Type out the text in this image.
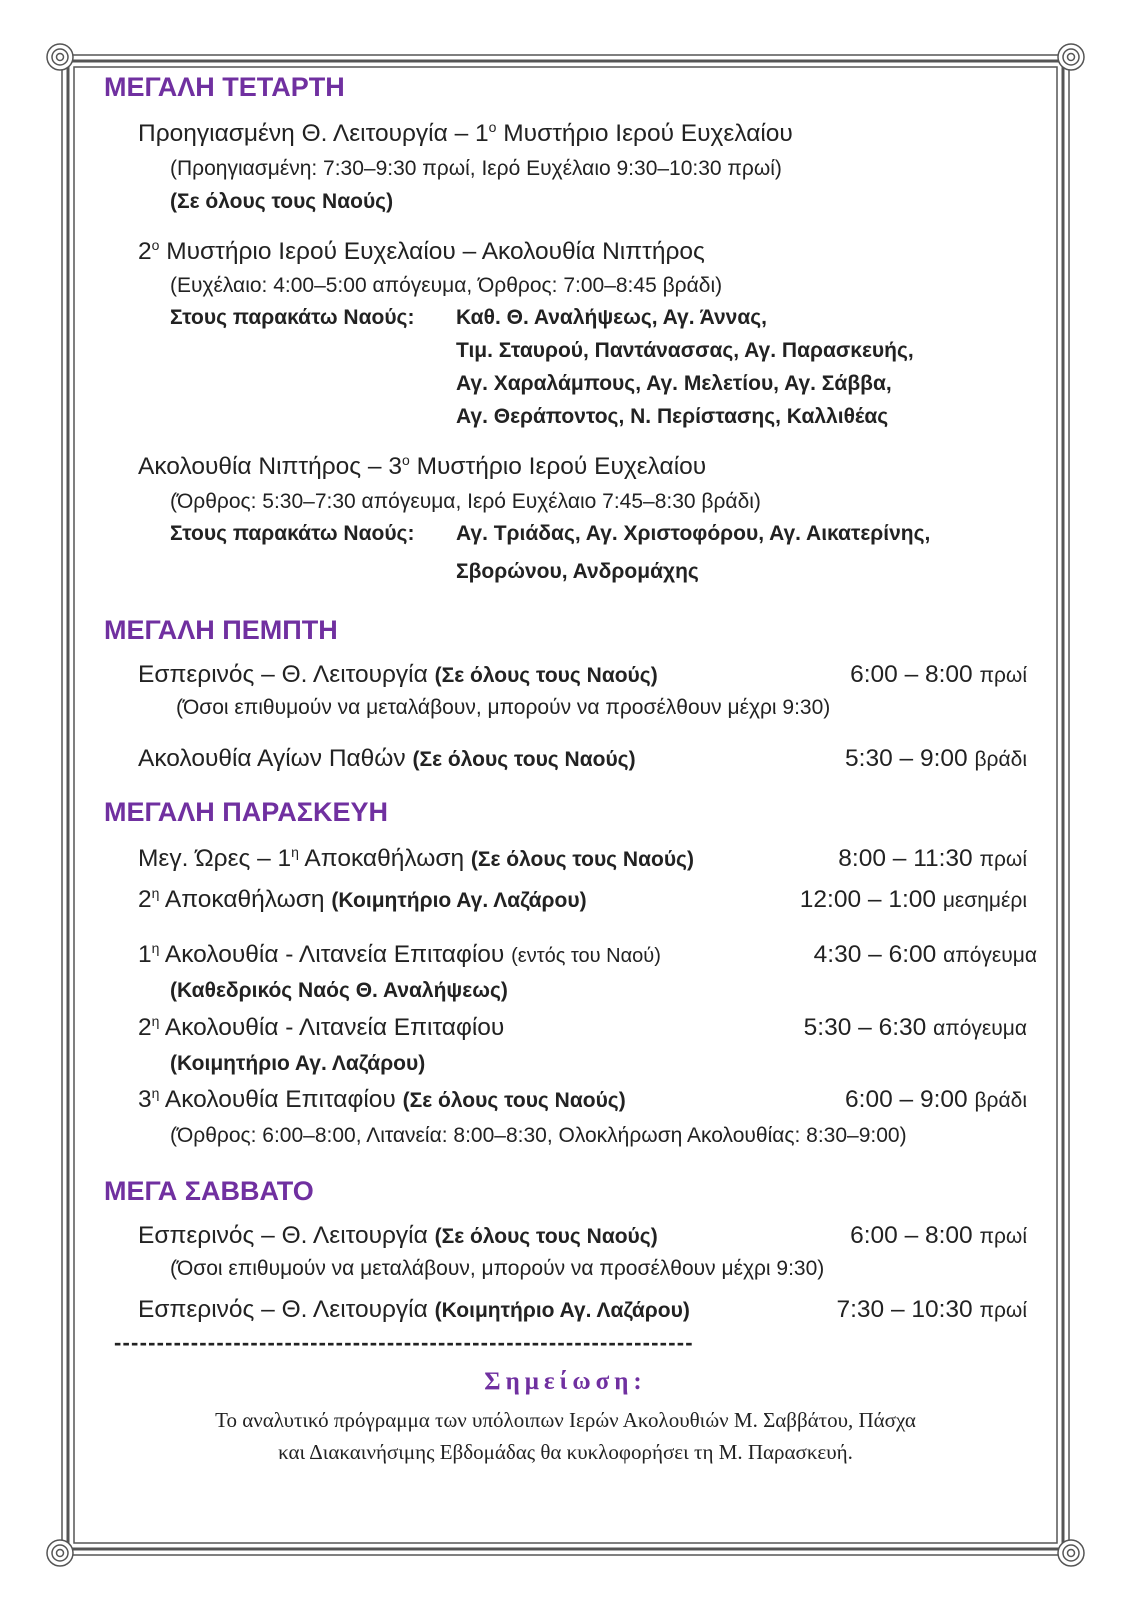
ΜΕΓΑΛΗ ΤΕΤΑΡΤΗ
Προηγιασμένη Θ. Λειτουργία – $1^o$ Μυστήριο Ιερού Ευχελαίου
(Προηγιασμένη: 7:30–9:30 πρωί, Ιερό Ευχέλαιο 9:30–10:30 πρωί)
(Σε όλους τους Ναούς)
$2^o$ Μυστήριο Ιερού Ευχελαίου – Ακολουθία Νιπτήρος
(Ευχέλαιο: 4:00–5:00 απόγευμα, Όρθρος: 7:00–8:45 βράδι)
Στους παρακάτω Ναούς: Καθ. Θ. Αναλήψεως, Αγ. Άννας,
Τιμ. Σταυρού, Παντάνασσας, Αγ. Παρασκευής,
Αγ. Χαραλάμπους, Αγ. Μελετίου, Αγ. Σάββα,
Αγ. Θεράποντος, Ν. Περίστασης, Καλλιθέας
Ακολουθία Νιπτήρος – $3^o$ Μυστήριο Ιερού Ευχελαίου
(Όρθρος: 5:30–7:30 απόγευμα, Ιερό Ευχέλαιο 7:45–8:30 βράδι)
Στους παρακάτω Ναούς: Αγ. Τριάδας, Αγ. Χριστοφόρου, Αγ. Αικατερίνης,
Σβορώνου, Ανδρομάχης
ΜΕΓΑΛΗ ΠΕΜΠΤΗ
Εσπερινός – Θ. Λειτουργία (Σε όλους τους Ναούς)	6:00 – 8:00 πρωί
(Όσοι επιθυμούν να μεταλάβουν, μπορούν να προσέλθουν μέχρι 9:30)
Ακολουθία Αγίων Παθών (Σε όλους τους Ναούς)	5:30 – 9:00 βράδι
ΜΕΓΑΛΗ ΠΑΡΑΣΚΕΥΗ
Μεγ. Ώρες – $1^\eta$ Αποκαθήλωση (Σε όλους τους Ναούς)	8:00 – 11:30 πρωί
$2^\eta$ Αποκαθήλωση (Κοιμητήριο Αγ. Λαζάρου)	12:00 – 1:00 μεσημέρι
$1^\eta$ Ακολουθία - Λιτανεία Επιταφίου (εντός του Ναού)	4:30 – 6:00 απόγευμα
(Καθεδρικός Ναός Θ. Αναλήψεως)
$2^\eta$ Ακολουθία - Λιτανεία Επιταφίου	5:30 – 6:30 απόγευμα
(Κοιμητήριο Αγ. Λαζάρου)
$3^\eta$ Ακολουθία Επιταφίου (Σε όλους τους Ναούς)	6:00 – 9:00 βράδι
(Όρθρος: 6:00–8:00, Λιτανεία: 8:00–8:30, Ολοκλήρωση Ακολουθίας: 8:30–9:00)
ΜΕΓΑ ΣΑΒΒΑΤΟ
Εσπερινός – Θ. Λειτουργία (Σε όλους τους Ναούς)	6:00 – 8:00 πρωί
(Όσοι επιθυμούν να μεταλάβουν, μπορούν να προσέλθουν μέχρι 9:30)
Εσπερινός – Θ. Λειτουργία (Κοιμητήριο Αγ. Λαζάρου)	7:30 – 10:30 πρωί
--------------------------------------------------------------------
Σημείωση:
Το αναλυτικό πρόγραμμα των υπόλοιπων Ιερών Ακολουθιών Μ. Σαββάτου, Πάσχα
και Διακαινήσιμης Εβδομάδας θα κυκλοφορήσει τη Μ. Παρασκευή.
